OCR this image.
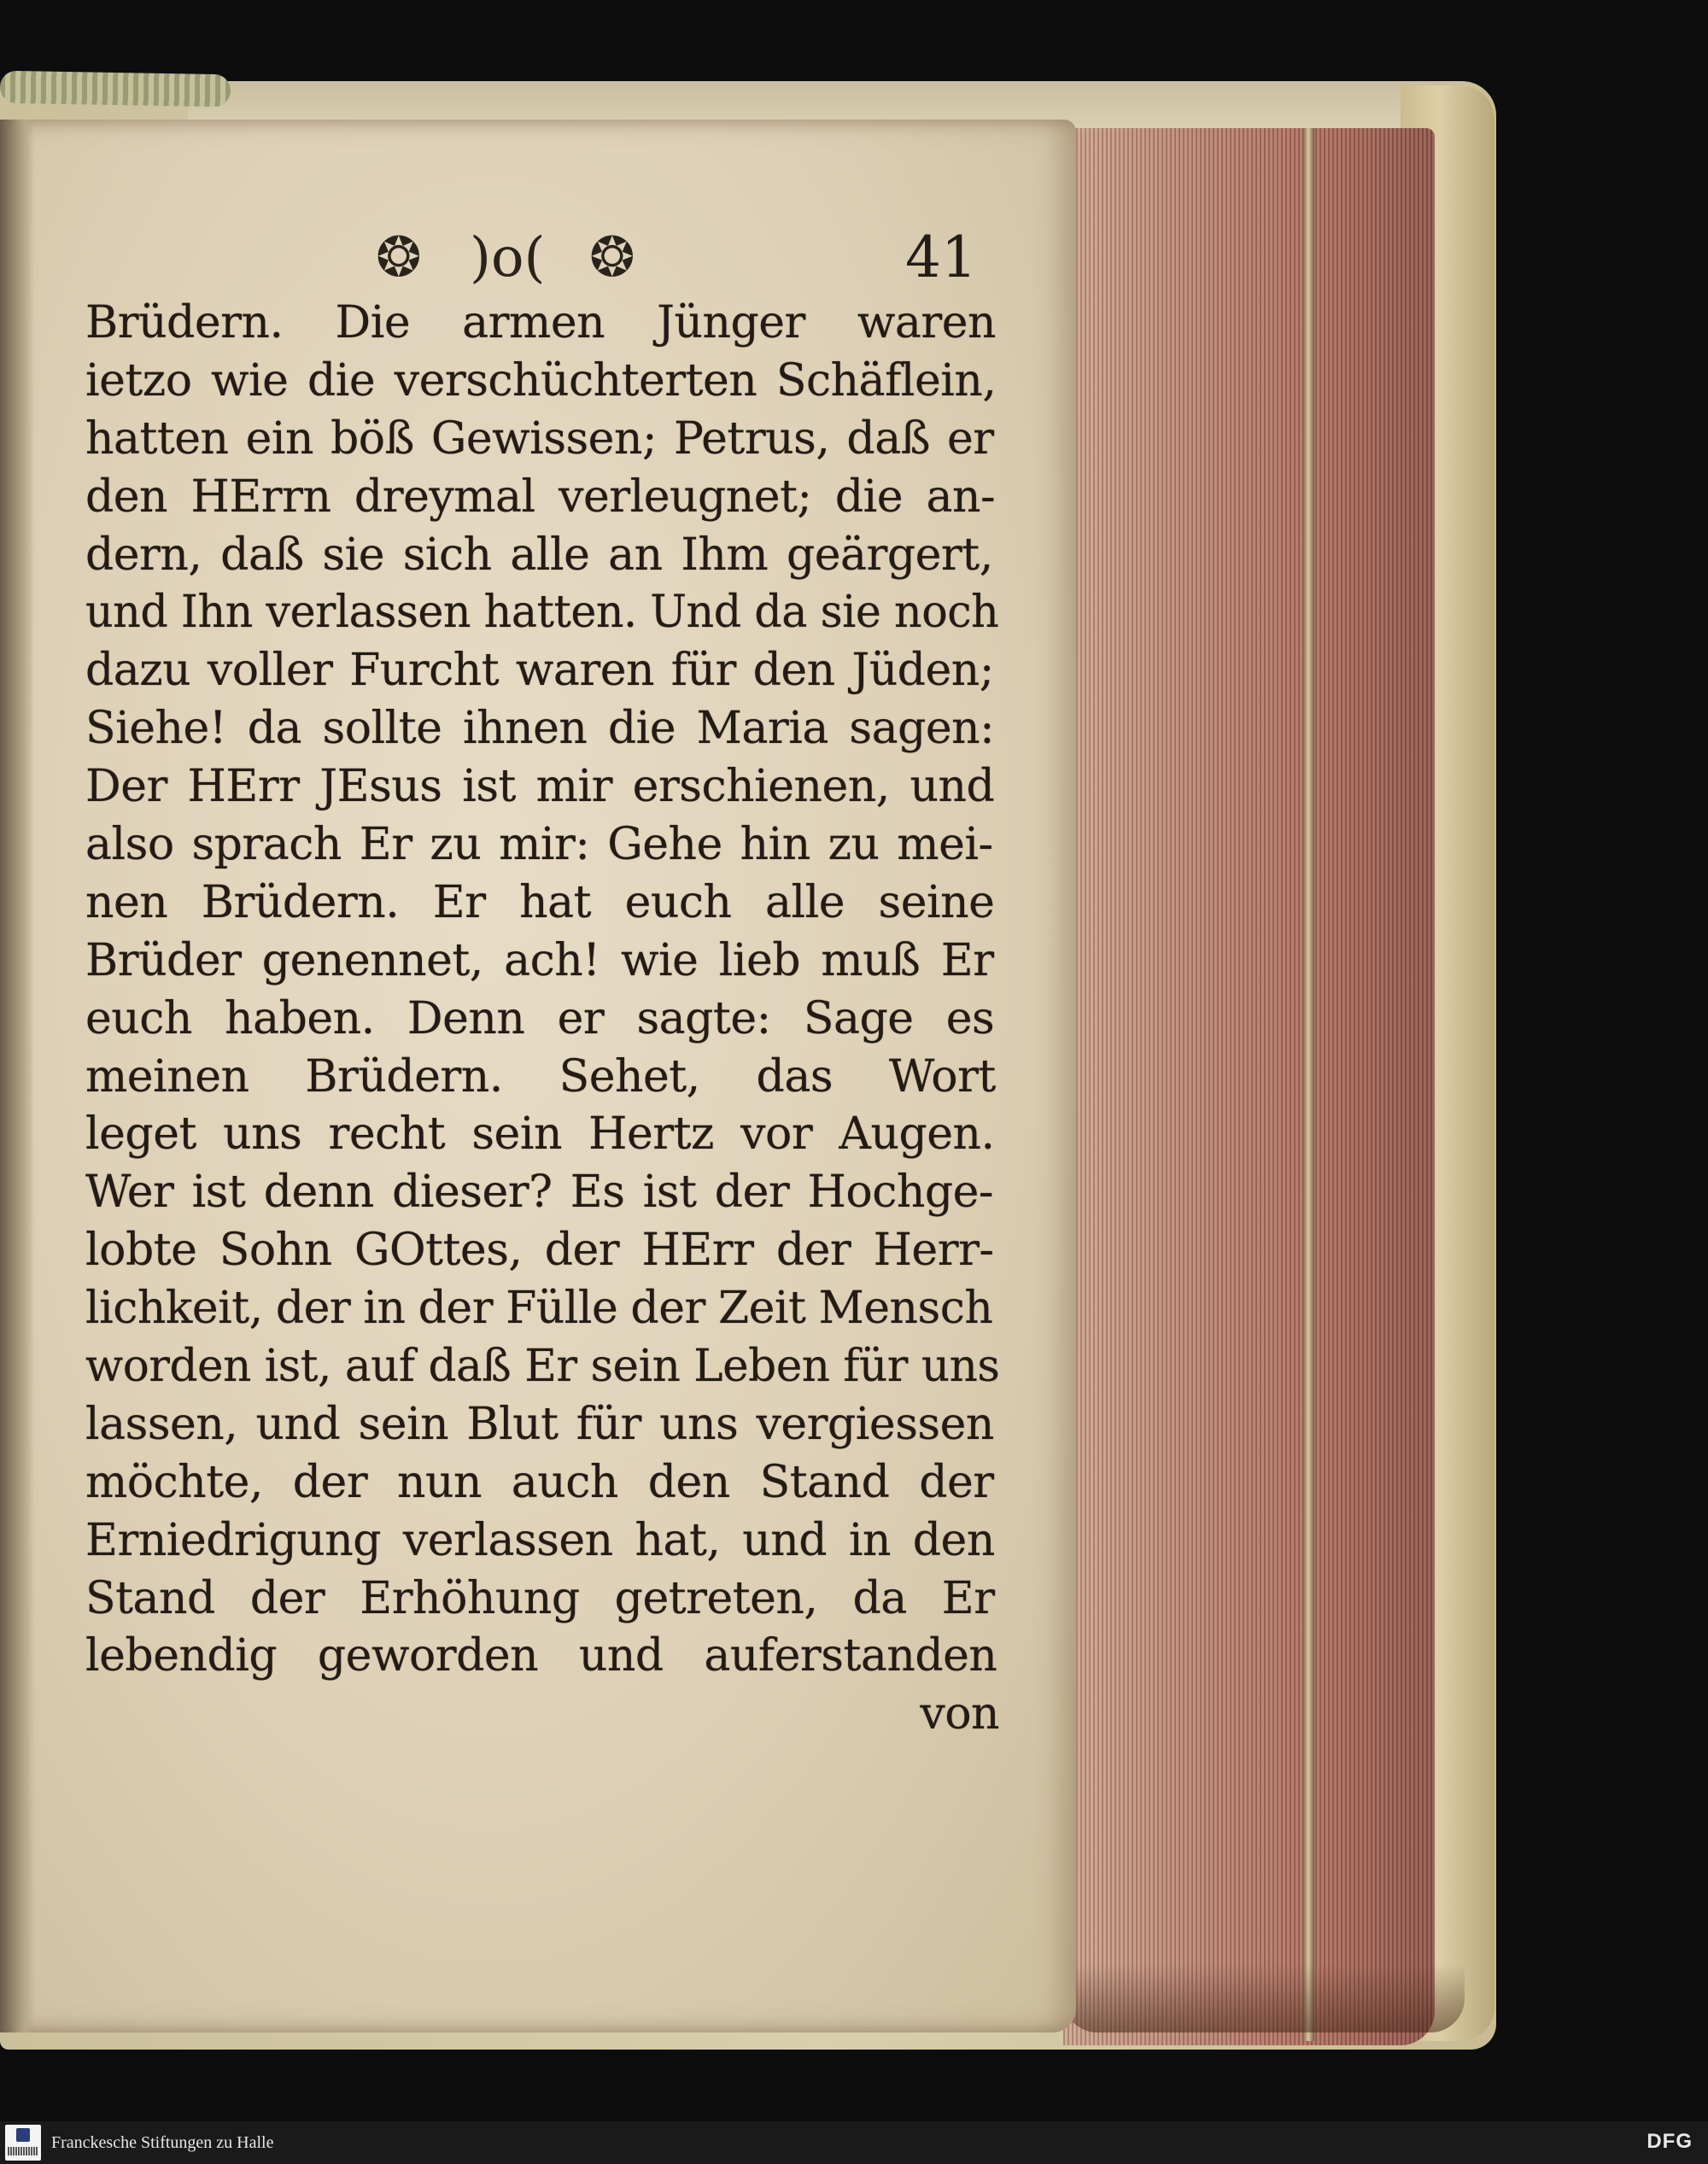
❂ )o( ❂	41
Brüdern. Die armen Jünger waren
ietzo wie die verschüchterten Schäflein,
hatten ein böß Gewissen; Petrus, daß er
den HErrn dreymal verleugnet; die an-
dern, daß sie sich alle an Ihm geärgert,
und Ihn verlassen hatten. Und da sie noch
dazu voller Furcht waren für den Jüden;
Siehe! da sollte ihnen die Maria sagen:
Der HErr JEsus ist mir erschienen, und
also sprach Er zu mir: Gehe hin zu mei-
nen Brüdern. Er hat euch alle seine
Brüder genennet, ach! wie lieb muß Er
euch haben. Denn er sagte: Sage es
meinen Brüdern. Sehet, das Wort
leget uns recht sein Hertz vor Augen.
Wer ist denn dieser? Es ist der Hochge-
lobte Sohn GOttes, der HErr der Herr-
lichkeit, der in der Fülle der Zeit Mensch
worden ist, auf daß Er sein Leben für uns
lassen, und sein Blut für uns vergiessen
möchte, der nun auch den Stand der
Erniedrigung verlassen hat, und in den
Stand der Erhöhung getreten, da Er
lebendig geworden und auferstanden
von
Franckesche Stiftungen zu Halle	DFG
